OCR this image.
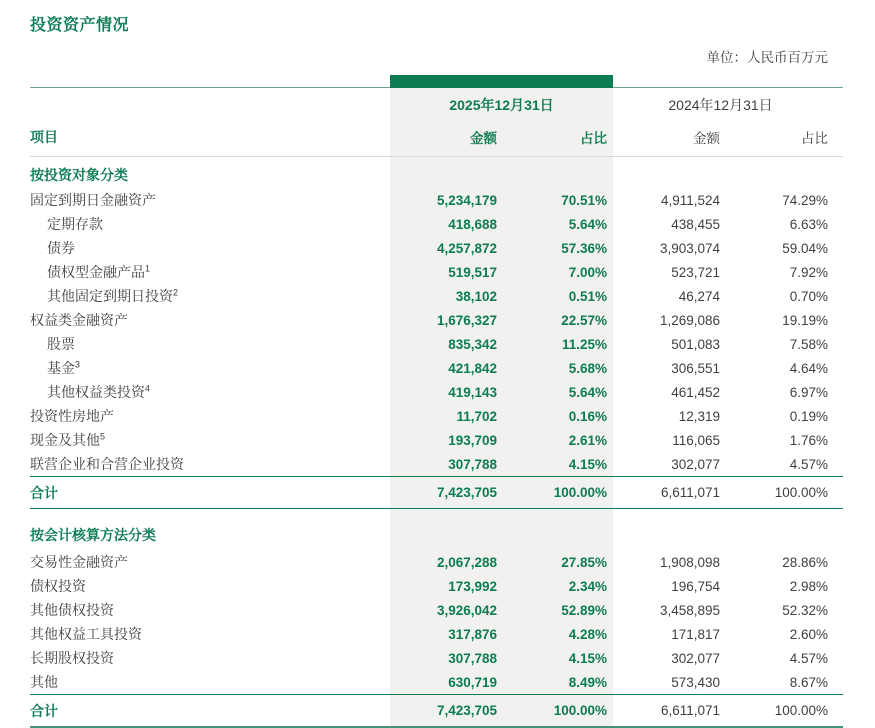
投资资产情况
单位：人民币百万元
	2025年12月31日		2024年12月31日	
项目	金额	占比	金额	占比
按投资对象分类				
固定到期日金融资产	5,234,179	70.51%	4,911,524	74.29%
定期存款	418,688	5.64%	438,455	6.63%
债券	4,257,872	57.36%	3,903,074	59.04%
债权型金融产品$^1$	519,517	7.00%	523,721	7.92%
其他固定到期日投资$^2$	38,102	0.51%	46,274	0.70%
权益类金融资产	1,676,327	22.57%	1,269,086	19.19%
股票	835,342	11.25%	501,083	7.58%
基金$^3$	421,842	5.68%	306,551	4.64%
其他权益类投资$^4$	419,143	5.64%	461,452	6.97%
投资性房地产	11,702	0.16%	12,319	0.19%
现金及其他$^5$	193,709	2.61%	116,065	1.76%
联营企业和合营企业投资	307,788	4.15%	302,077	4.57%
合计	7,423,705	100.00%	6,611,071	100.00%
按会计核算方法分类				
交易性金融资产	2,067,288	27.85%	1,908,098	28.86%
债权投资	173,992	2.34%	196,754	2.98%
其他债权投资	3,926,042	52.89%	3,458,895	52.32%
其他权益工具投资	317,876	4.28%	171,817	2.60%
长期股权投资	307,788	4.15%	302,077	4.57%
其他	630,719	8.49%	573,430	8.67%
合计	7,423,705	100.00%	6,611,071	100.00%
